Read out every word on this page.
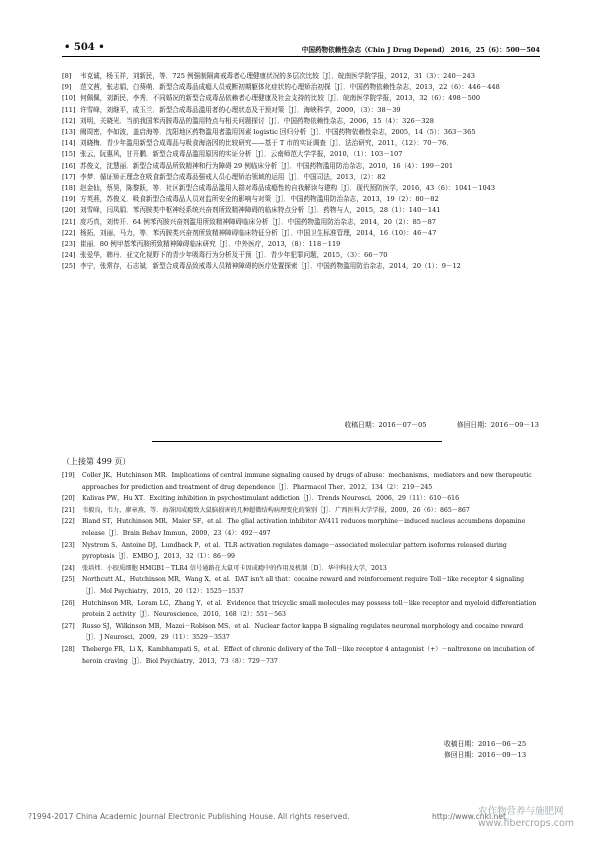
• 504 •	中国药物依赖性杂志（Chin J Drug Depend） 2016，25（6）：500－504
[8] 韦克诚，杨玉祥，刘新民，等．725 例强制隔离戒毒者心理健康状况的多层次比较［J］．皖南医学院学报，2012，31（3）：240－243
[9] 范文茜，张志娟，白葵萌．新型合成毒品成瘾人员戒断初期躯体化症状的心理矫治初探［J］．中国药物依赖性杂志，2013，22（6）：446－448
[10] 何佩佩，刘新民，李秀．不同婚况的新型合成毒品依赖者心理健康及社会支持的比较［J］．皖南医学院学报，2013，32（6）：498－500
[11] 许雪峰，刘继平，成玉兰．新型合成毒品滥用者的心理状态及干预对策［J］．海峡科学，2009，（3）：38－39
[12] 刘明，关晓光．当前我国苯丙胺毒品的滥用特点与相关问题探讨［J］．中国药物依赖性杂志，2006，15（4）：326－328
[13] 阙周密，李如波，盖启海等．沈阳地区药物滥用者滥用因素 logistic 回归分析［J］．中国药物依赖性杂志，2005，14（5）：363－365
[14] 刘晓梅．青少年滥用新型合成毒品与吸食海洛因的比较研究——基于 T 市的实证调查［J］．法治研究，2011，（12）：70－76．
[15] 张云，阮惠风，甘开鹏．新型合成毒品滥用原因的实证分析［J］．云南师范大学学报，2010，（1）：103－107
[16] 苏俊义，沈慧丽．新型合成毒品所致精神和行为障碍 29 例临床分析［J］．中国药物滥用防治杂志，2010，16（4）：199－201
[17] 李梦．循证矫正理念在吸食新型合成毒品强戒人员心理矫治领域的运用［J］．中国司法，2013，（2）：82
[18] 赵金仙，蔡昊，陈黎跃，等．社区新型合成毒品滥用人群对毒品成瘾性的自我解读与建构［J］．现代预防医学，2016，43（6）：1041－1043
[19] 方英燕，苏俊义．吸食新型合成毒品人员对监所安全的影响与对策［J］．中国药物滥用防治杂志，2013，19（2）：80－82
[20] 刘雪峰，闫凤娟．苯丙胺类中枢神经系统兴奋剂所致精神障碍的临床特点分析［J］．药物与人，2015，28（1）：140－141
[21] 庞巧真，刘传开．64 例苯丙胺兴奋剂滥用所致精神障碍临床分析［J］．中国药物滥用防治杂志，2014，20（2）：85－87
[22] 杨拓，刘丽，马力，等．苯丙胺类兴奋剂所致精神障碍临床特征分析［J］．中国卫生标准管理，2014，16（10）：46－47
[23] 崔丽．80 例甲基苯丙胺所致精神障碍临床研究［J］．中外医疗，2013，（8）：118－119
[24] 张爱华，韩丹．亚文化视野下的青少年吸毒行为分析及干预［J］．青少年犯罪问题，2015，（3）：66－70
[25] 李宁，张常存，石志斌．新型合成毒品致戒毒人员精神障碍的医疗处置探索［J］．中国药物滥用防治杂志，2014，20（1）：9－12
收稿日期：2016－07－05	修回日期：2016－09－13
（上接第 499 页）
[19] Coller JK，Hutchinson MR．Implications of central immune signaling caused by drugs of abuse：mechanisms，mediators and new therapeutic approaches for prediction and treatment of drug dependence［J］．Pharmacol Ther，2012，134（2）：219－245
[20] Kalivas PW，Hu XT．Exciting inhibition in psychostimulant addiction［J］．Trends Neurosci，2006，29（11）：610－616
[21] 韦毅良，韦力，廖章燕，等．海洛因成瘾致大鼠脑损害的几种超微结构病理变化的鉴别［J］．广西医科大学学报，2009，26（6）：865－867
[22] Bland ST，Hutchinson MR，Maier SF，et al．The glial activation inhibitor AV411 reduces morphine－induced nucleus accumbens dopamine release［J］．Brain Behav Immun，2009，23（4）：492－497
[23] Nystrom S，Antoine DJ，Lundback P，et al．TLR activation regulates damage－associated molecular pattern isoforms released during pyroptosis［J］．EMBO J，2013，32（1）：86－99
[24] 张培炜．小胶质细胞 HMGB1－TLR4 信号通路在大鼠可卡因成瘾中的作用及机制［D］．华中科技大学，2013
[25] Northcutt AL，Hutchinson MR，Wang X，et al．DAT isn't all that：cocaine reward and reinforcement require Toll－like receptor 4 signaling［J］．Mol Psychiatry，2015，20（12）：1525－1537
[26] Hutchinson MR，Loram LC，Zhang Y，et al．Evidence that tricyclic small molecules may possess toll－like receptor and myeloid differentiation protein 2 activity［J］．Neuroscience，2010，168（2）：551－563
[27] Russo SJ，Wilkinson MB，Mazei－Robison MS，et al．Nuclear factor kappa B signaling regulates neuronal morphology and cocaine reward［J］．J Neurosci，2009，29（11）：3529－3537
[28] Theberge FR，Li X，Kambhampati S，et al．Effect of chronic delivery of the Toll－like receptor 4 antagonist（+）－naltrexone on incubation of heroin craving［J］．Biol Psychiatry，2013，73（8）：729－737
收稿日期：2016－06－25
修回日期：2016－09－13
?1994-2017 China Academic Journal Electronic Publishing House. All rights reserved.	http://www.cnki.net
农作物营养与施肥网
www.fibercrops.com
